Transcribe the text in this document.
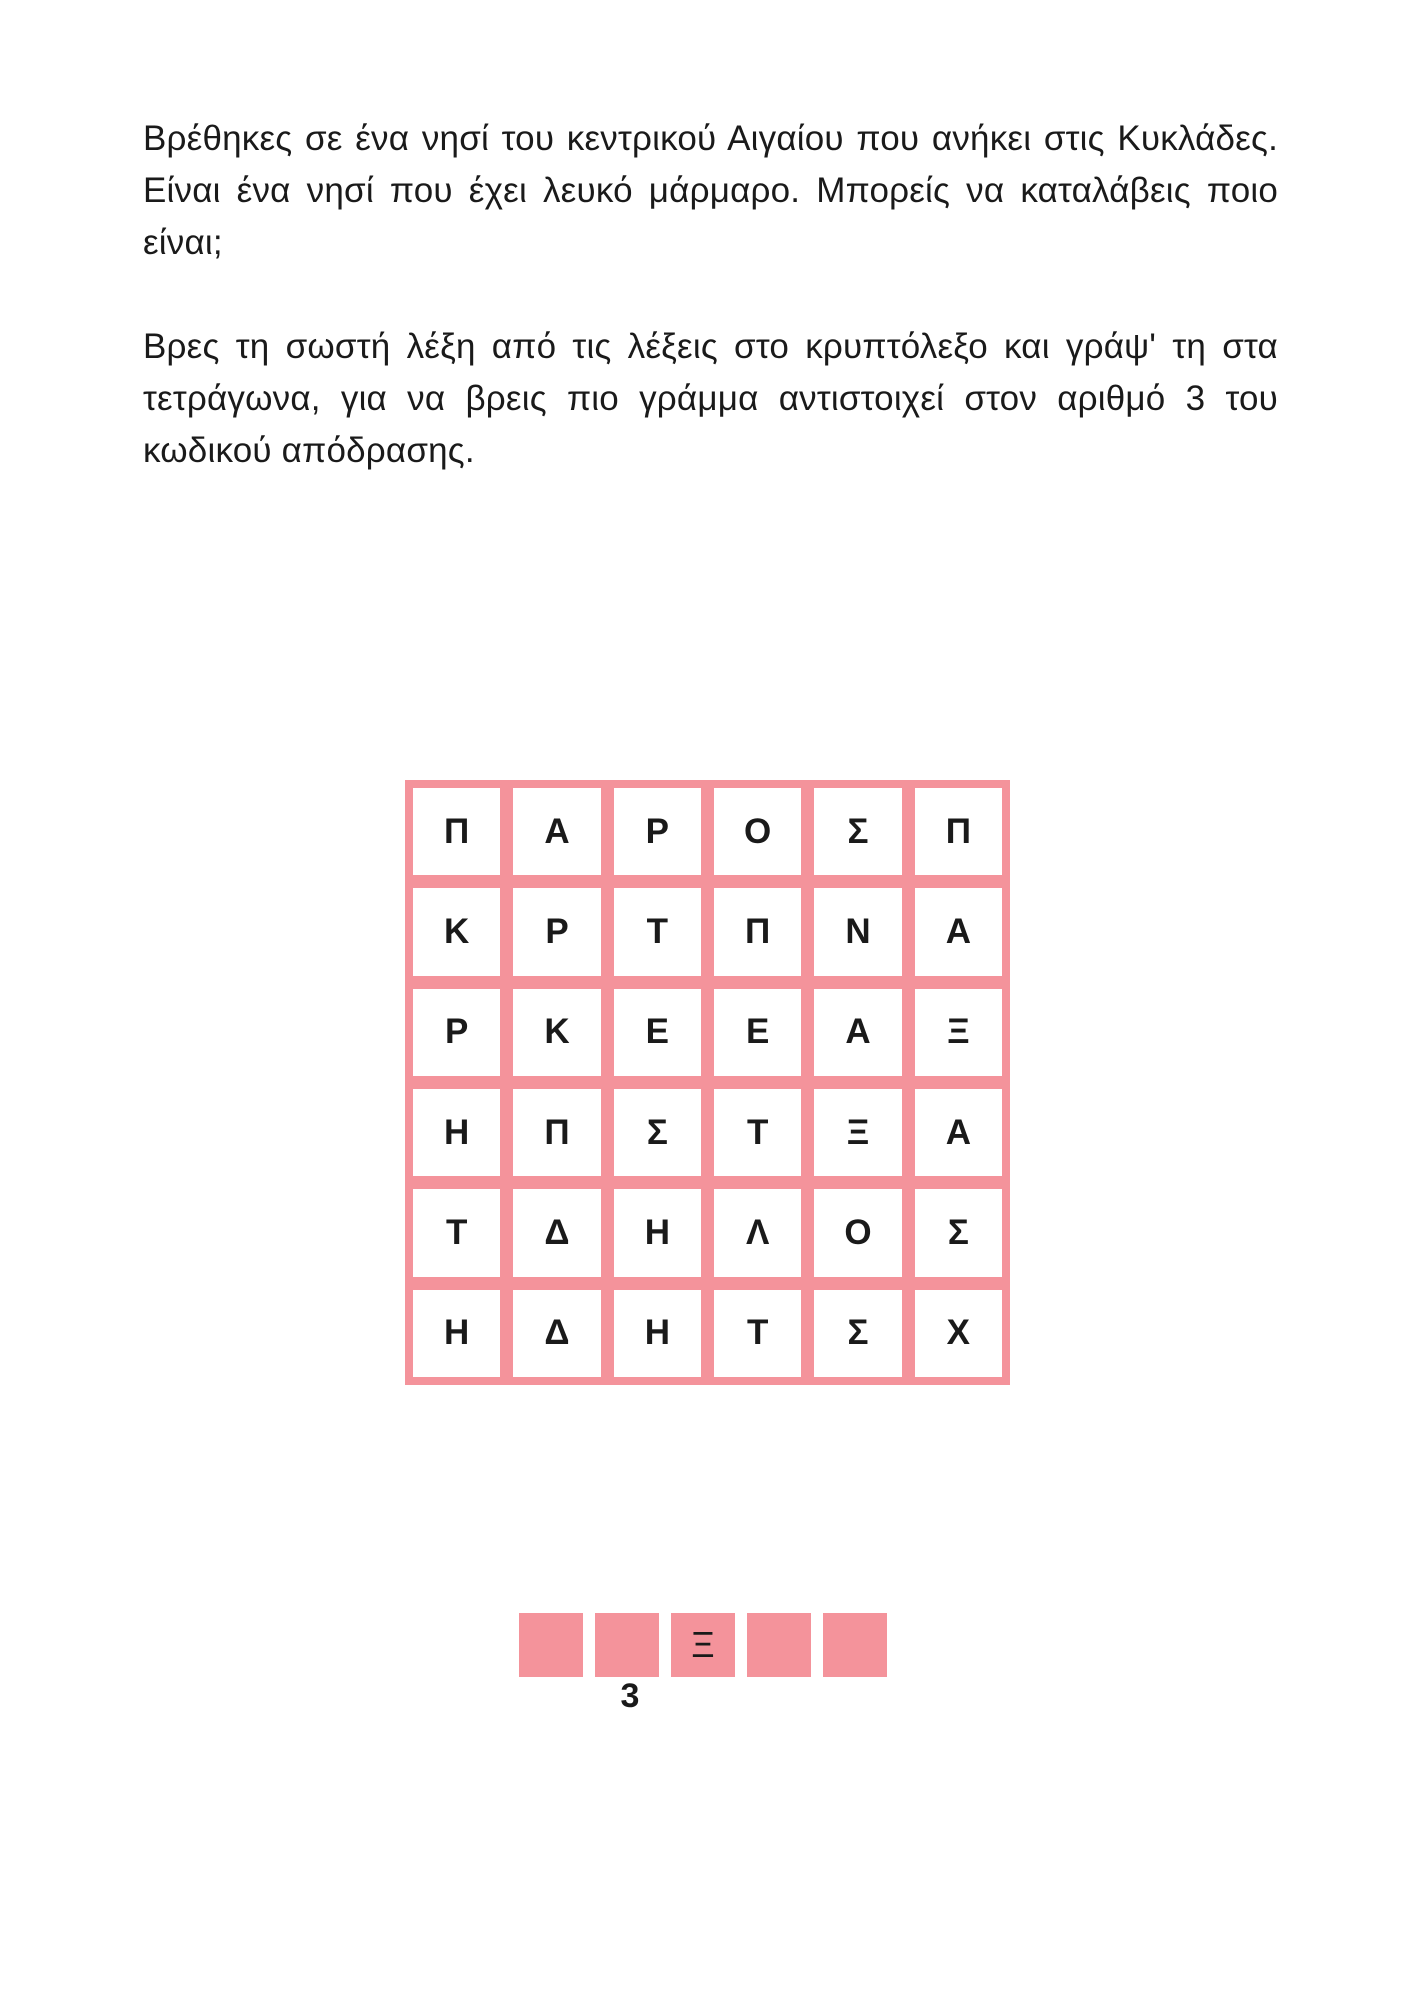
Βρέθηκες σε ένα νησί του κεντρικού Αιγαίου που ανήκει στις Κυκλάδες. Είναι ένα νησί που έχει λευκό μάρμαρο. Μπορείς να καταλάβεις ποιο είναι;

Βρες τη σωστή λέξη από τις λέξεις στο κρυπτόλεξο και γράψ' τη στα τετράγωνα, για να βρεις πιο γράμμα αντιστοιχεί στον αριθμό 3 του κωδικού απόδρασης.

Π	Α	Ρ	Ο	Σ	Π
Κ	Ρ	Τ	Π	Ν	Α
Ρ	Κ	Ε	Ε	Α	Ξ
Η	Π	Σ	Τ	Ξ	Α
Τ	Δ	Η	Λ	Ο	Σ
Η	Δ	Η	Τ	Σ	Χ
Ξ
3
